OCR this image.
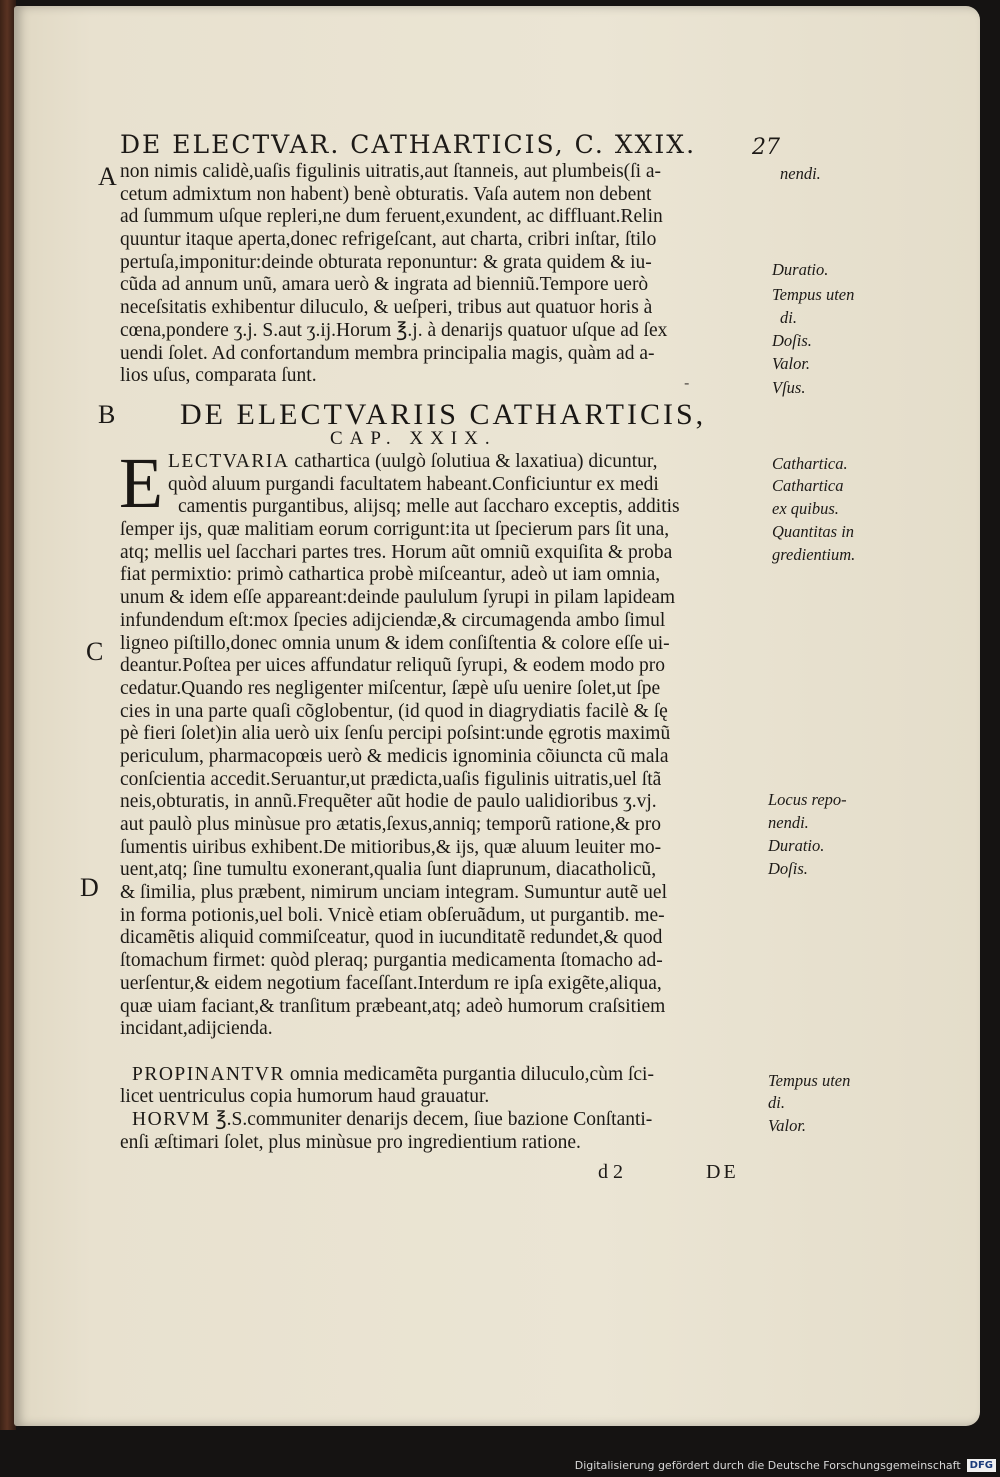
DE ELECTVAR. CATHARTICIS, C. XXIX.	27
A
B
C
D
non nimis calidè,uaſis figulinis uitratis,aut ſtanneis, aut plumbeis(ſi a-
cetum admixtum non habent) benè obturatis. Vaſa autem non debent
ad ſummum uſque repleri,ne dum feruent,exundent, ac diffluant.Relin
quuntur itaque aperta,donec refrigeſcant, aut charta, cribri inſtar, ſtilo
pertuſa,imponitur:deinde obturata reponuntur: & grata quidem & iu-
cũda ad annum unũ, amara uerò & ingrata ad bienniũ.Tempore uerò
neceſsitatis exhibentur diluculo, & ueſperi, tribus aut quatuor horis à
cœna,pondere ʒ.j. S.aut ʒ.ij.Horum ℥.j. à denarijs quatuor uſque ad ſex
uendi ſolet. Ad confortandum membra principalia magis, quàm ad a-
lios uſus, comparata ſunt.	-
DE ELECTVARIIS CATHARTICIS,
CAP. XXIX.
E LECTVARIA cathartica (uulgò ſolutiua & laxatiua) dicuntur,
quòd aluum purgandi facultatem habeant.Conficiuntur ex medi
camentis purgantibus, alijsq; melle aut ſaccharo exceptis, additis
ſemper ijs, quæ malitiam eorum corrigunt:ita ut ſpecierum pars ſit una,
atq; mellis uel ſacchari partes tres. Horum aũt omniũ exquiſita & proba
fiat permixtio: primò cathartica probè miſceantur, adeò ut iam omnia,
unum & idem eſſe appareant:deinde paululum ſyrupi in pilam lapideam
infundendum eſt:mox ſpecies adijciendæ,& circumagenda ambo ſimul
ligneo piſtillo,donec omnia unum & idem conſiſtentia & colore eſſe ui-
deantur.Poſtea per uices affundatur reliquũ ſyrupi, & eodem modo pro
cedatur.Quando res negligenter miſcentur, ſæpè uſu uenire ſolet,ut ſpe
cies in una parte quaſi cõglobentur, (id quod in diagrydiatis facilè & ſę
pè fieri ſolet)in alia uerò uix ſenſu percipi poſsint:unde ęgrotis maximũ
periculum, pharmacopœis uerò & medicis ignominia cõiuncta cũ mala
conſcientia accedit.Seruantur,ut prædicta,uaſis figulinis uitratis,uel ſtã
neis,obturatis, in annũ.Frequẽter aũt hodie de paulo ualidioribus ʒ.vj.
aut paulò plus minùsue pro ætatis,ſexus,anniq; temporũ ratione,& pro
ſumentis uiribus exhibent.De mitioribus,& ijs, quæ aluum leuiter mo-
uent,atq; ſine tumultu exonerant,qualia ſunt diaprunum, diacatholicũ,
& ſimilia, plus præbent, nimirum unciam integram. Sumuntur autẽ uel
in forma potionis,uel boli. Vnicè etiam obſeruãdum, ut purgantib. me-
dicamẽtis aliquid commiſceatur, quod in iucunditatẽ redundet,& quod
ſtomachum firmet: quòd pleraq; purgantia medicamenta ſtomacho ad-
uerſentur,& eidem negotium faceſſant.Interdum re ipſa exigẽte,aliqua,
quæ uiam faciant,& tranſitum præbeant,atq; adeò humorum craſsitiem
incidant,adijcienda.
PROPINANTVR omnia medicamẽta purgantia diluculo,cùm ſci-
licet uentriculus copia humorum haud grauatur.
HORVM ℥.S.communiter denarijs decem, ſiue bazione Conſtanti-
enſi æſtimari ſolet, plus minùsue pro ingredientium ratione.
nendi.
Duratio.
Tempus uten
di.
Doſis.
Valor.
Vſus.
Cathartica.
Cathartica
ex quibus.
Quantitas in
gredientium.
Locus repo-
nendi.
Duratio.
Doſis.
Tempus uten
di.
Valor.
d 2	DE
Digitalisierung gefördert durch die Deutsche Forschungsgemeinschaft DFG
